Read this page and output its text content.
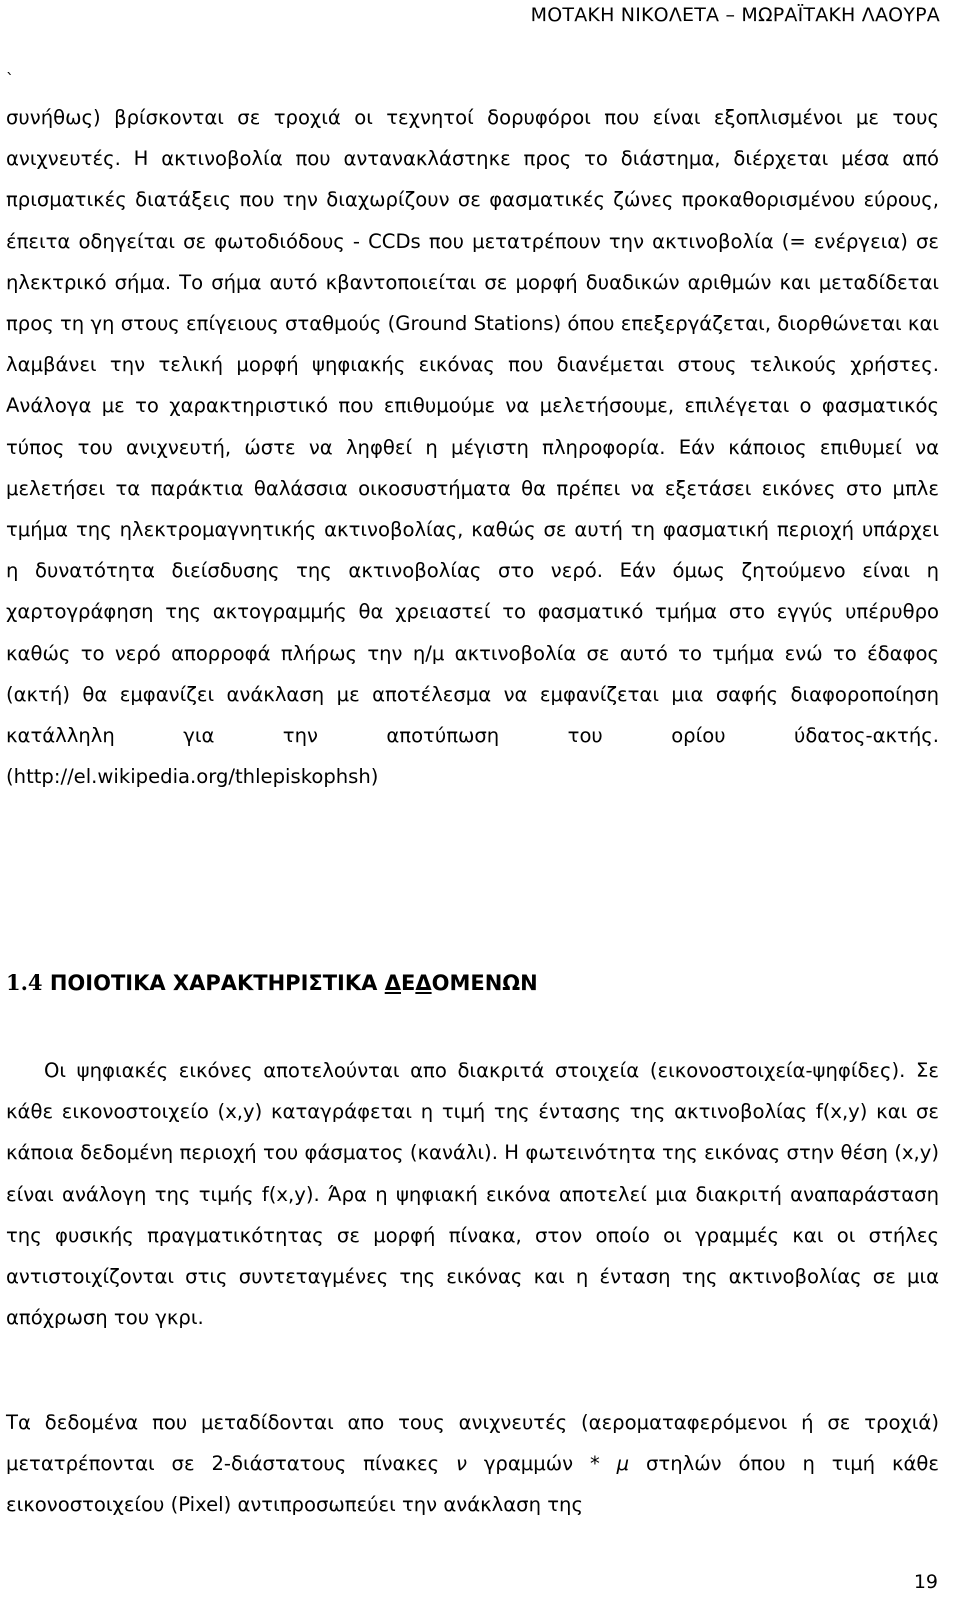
ΜΟΤΑΚΗ ΝΙΚΟΛΕΤΑ – ΜΩΡΑΪΤΑΚΗ ΛΑΟΥΡΑ
`

συνήθως) βρίσκονται σε τροχιά οι τεχνητοί δορυφόροι που είναι εξοπλισμένοι με τους ανιχνευτές. Η ακτινοβολία που αντανακλάστηκε προς το διάστημα, διέρχεται μέσα από πρισματικές διατάξεις που την διαχωρίζουν σε φασματικές ζώνες προκαθορισμένου εύρους, έπειτα οδηγείται σε φωτοδιόδους - CCDs που μετατρέπουν την ακτινοβολία (= ενέργεια) σε ηλεκτρικό σήμα. Το σήμα αυτό κβαντοποιείται σε μορφή δυαδικών αριθμών και μεταδίδεται προς τη γη στους επίγειους σταθμούς (Ground Stations) όπου επεξεργάζεται, διορθώνεται και λαμβάνει την τελική μορφή ψηφιακής εικόνας που διανέμεται στους τελικούς χρήστες. Ανάλογα με το χαρακτηριστικό που επιθυμούμε να μελετήσουμε, επιλέγεται ο φασματικός τύπος του ανιχνευτή, ώστε να ληφθεί η μέγιστη πληροφορία. Εάν κάποιος επιθυμεί να μελετήσει τα παράκτια θαλάσσια οικοσυστήματα θα πρέπει να εξετάσει εικόνες στο μπλε τμήμα της ηλεκτρομαγνητικής ακτινοβολίας, καθώς σε αυτή τη φασματική περιοχή υπάρχει η δυνατότητα διείσδυσης της ακτινοβολίας στο νερό. Εάν όμως ζητούμενο είναι η χαρτογράφηση της ακτογραμμής θα χρειαστεί το φασματικό τμήμα στο εγγύς υπέρυθρο καθώς το νερό απορροφά πλήρως την η/μ ακτινοβολία σε αυτό το τμήμα ενώ το έδαφος (ακτή) θα εμφανίζει ανάκλαση με αποτέλεσμα να εμφανίζεται μια σαφής διαφοροποίηση κατάλληλη για την αποτύπωση του ορίου ύδατος-ακτής. (http://el.wikipedia.org/thlepiskophsh)

1.4 ΠΟΙΟΤΙΚΑ ΧΑΡΑΚΤΗΡΙΣΤΙΚΑ ΔΕΔΟΜΕΝΩΝ

Οι ψηφιακές εικόνες αποτελούνται απο διακριτά στοιχεία (εικονοστοιχεία-ψηφίδες). Σε κάθε εικονοστοιχείο (x,y) καταγράφεται η τιμή της έντασης της ακτινοβολίας f(x,y) και σε κάποια δεδομένη περιοχή του φάσματος (κανάλι). Η φωτεινότητα της εικόνας στην θέση (x,y) είναι ανάλογη της τιμής f(x,y). Άρα η ψηφιακή εικόνα αποτελεί μια διακριτή αναπαράσταση της φυσικής πραγματικότητας σε μορφή πίνακα, στον οποίο οι γραμμές και οι στήλες αντιστοιχίζονται στις συντεταγμένες της εικόνας και η ένταση της ακτινοβολίας σε μια απόχρωση του γκρι.

Τα δεδομένα που μεταδίδονται απο τους ανιχνευτές (αεροματαφερόμενοι ή σε τροχιά) μετατρέπονται σε 2-διάστατους πίνακες ν γραμμών * μ στηλών όπου η τιμή κάθε εικονοστοιχείου (Pixel) αντιπροσωπεύει την ανάκλαση της

19
